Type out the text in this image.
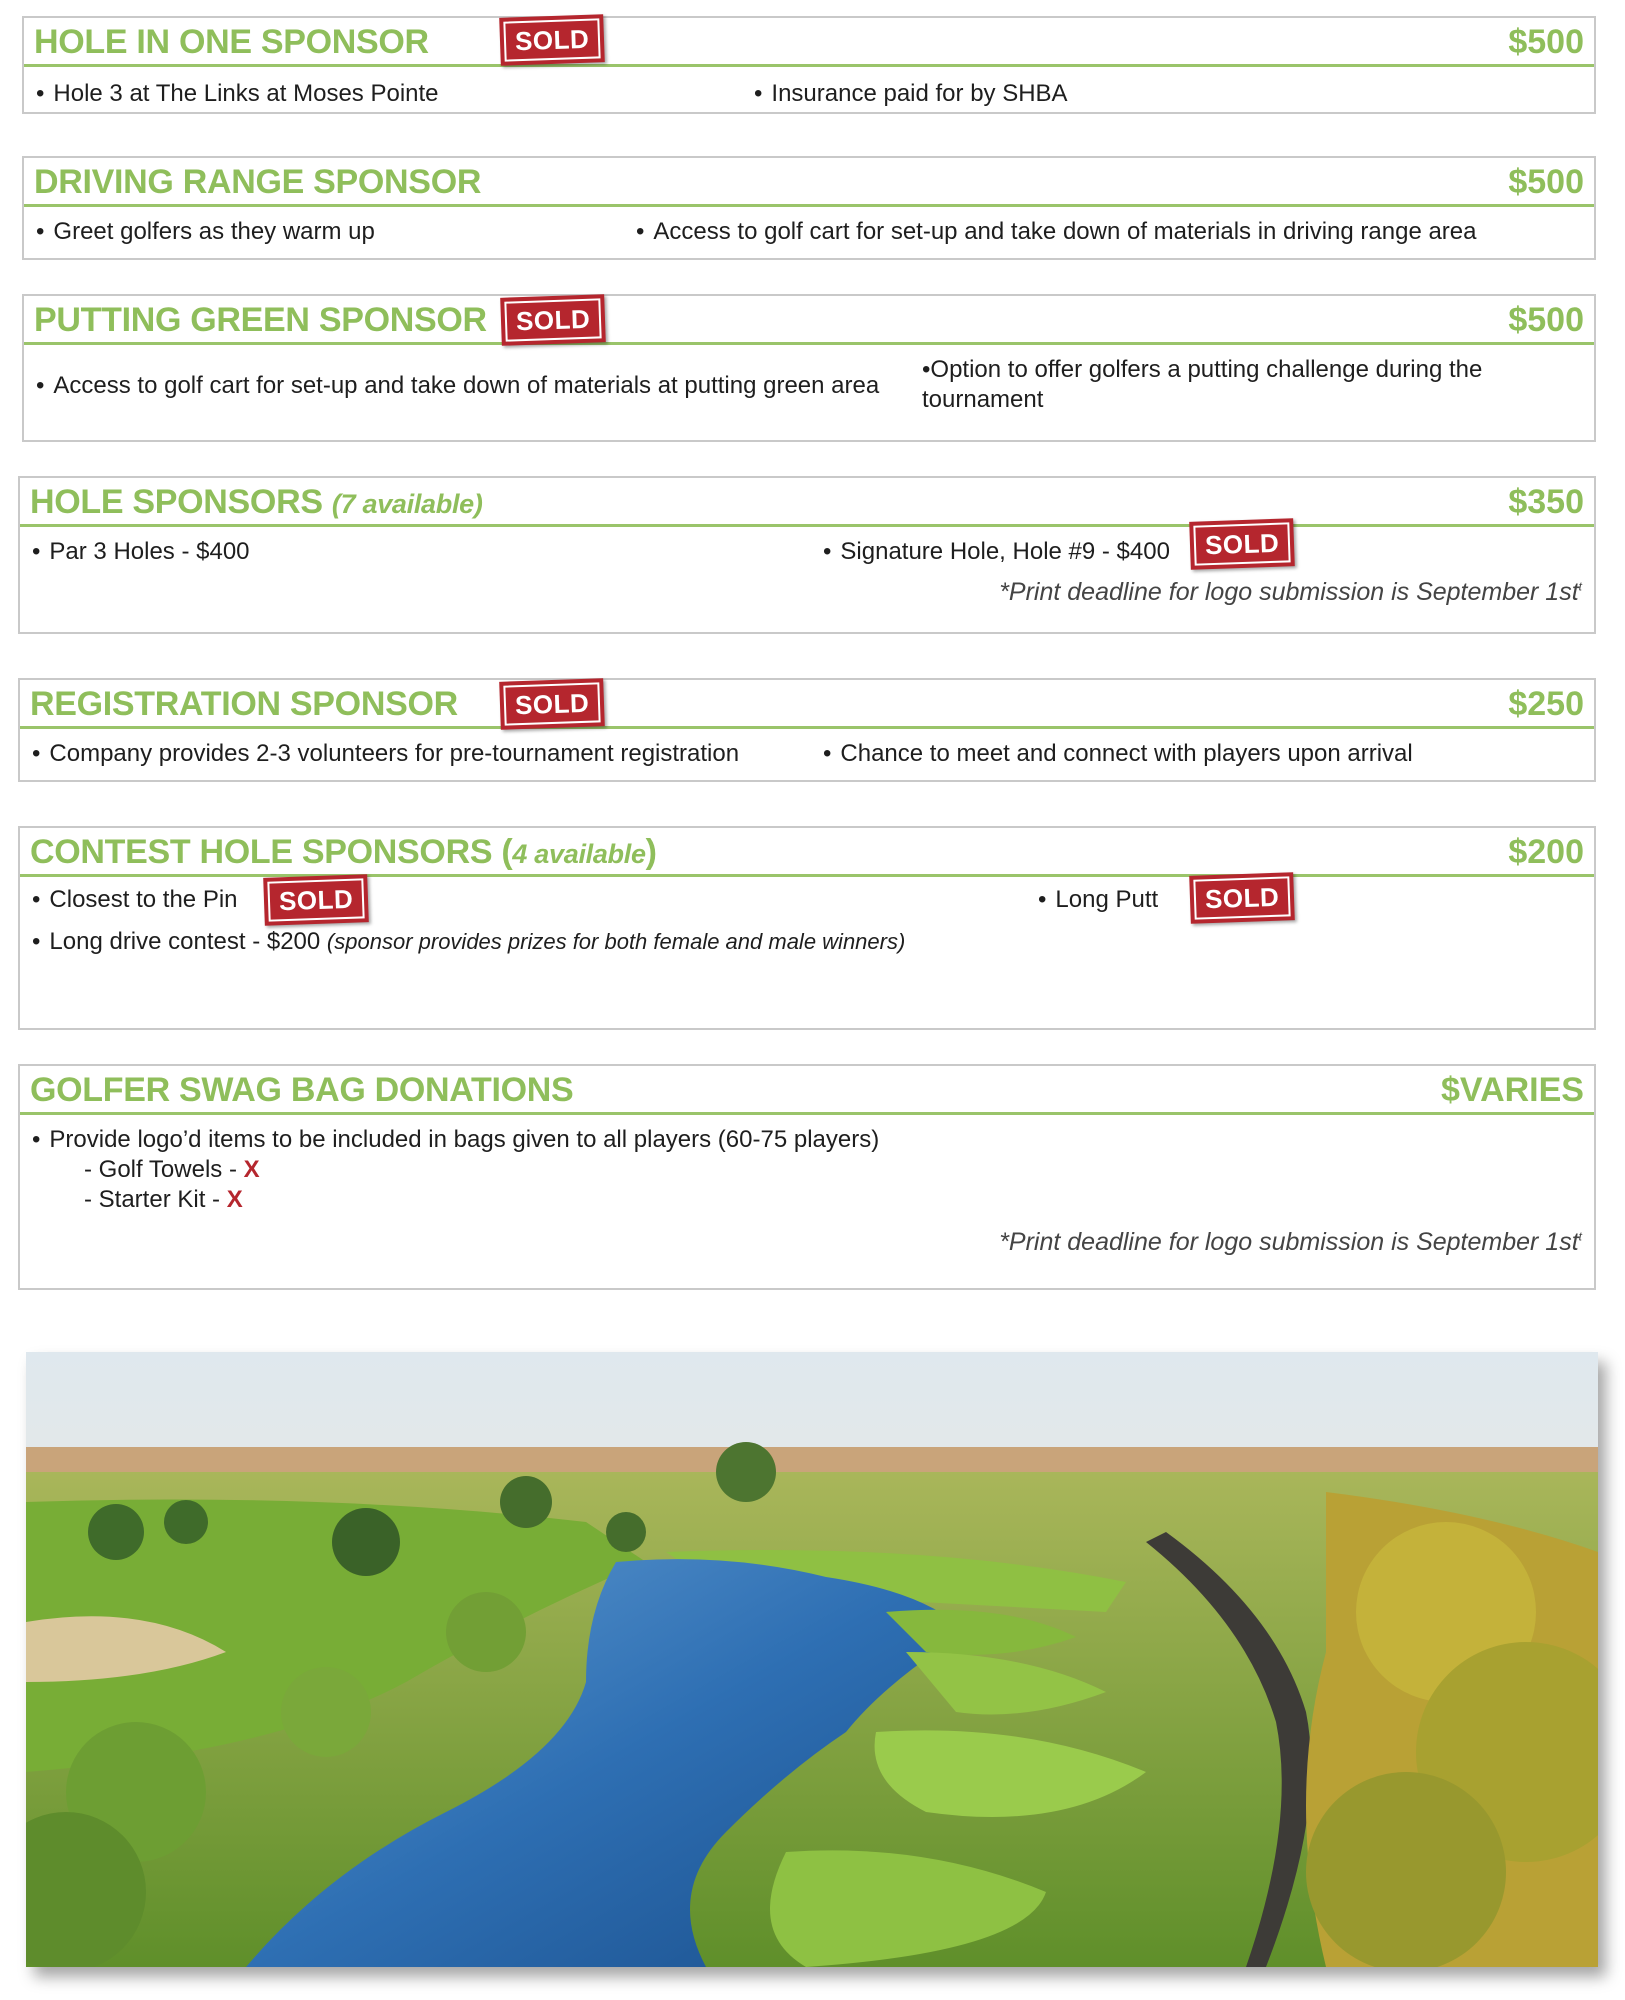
HOLE IN ONE SPONSOR	$500
• Hole 3 at The Links at Moses Pointe	• Insurance paid for by SHBA
SOLD
DRIVING RANGE SPONSOR	$500
• Greet golfers as they warm up	• Access to golf cart for set-up and take down of materials in driving range area
PUTTING GREEN SPONSOR	$500
• Access to golf cart for set-up and take down of materials at putting green area
•Option to offer golfers a putting challenge during the
tournament
SOLD
HOLE SPONSORS (7 available)	$350
• Par 3 Holes - $400	• Signature Hole, Hole #9 - $400
*Print deadline for logo submission is September $1st^t$
SOLD
REGISTRATION SPONSOR	$250
• Company provides 2-3 volunteers for pre-tournament registration	• Chance to meet and connect with players upon arrival
SOLD
CONTEST HOLE SPONSORS (4 available)	$200
• Closest to the Pin	• Long Putt
• Long drive contest - $200 (sponsor provides prizes for both female and male winners)
SOLD	SOLD
GOLFER SWAG BAG DONATIONS	$VARIES
• Provide logo’d items to be included in bags given to all players (60-75 players)
- Golf Towels - X
- Starter Kit - X
*Print deadline for logo submission is September $1st^t$
